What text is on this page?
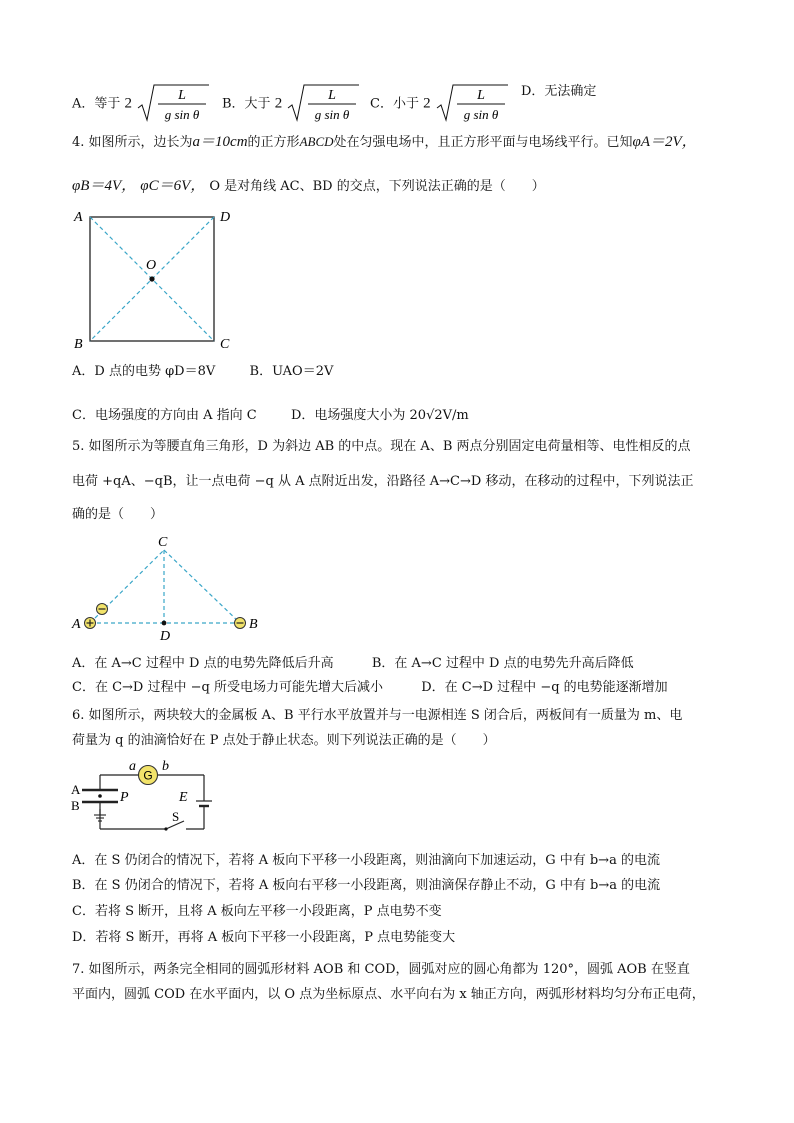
A．等于 2	L
g sin θ
B．大于 2	L
g sin θ
C．小于 2	L
g sin θ
D．无法确定
4. 如图所示，边长为a＝10cm的正方形ABCD处在匀强电场中，且正方形平面与电场线平行。已知φA＝2V，
φB＝4V， φC＝6V， O 是对角线 AC、BD 的交点，下列说法正确的是（　　）
A	D
B	C
O
A．D 点的电势 φD＝8V	B．UAO＝2V
C．电场强度的方向由 A 指向 C	D．电场强度大小为 20√2V/m
5. 如图所示为等腰直角三角形，D 为斜边 AB 的中点。现在 A、B 两点分别固定电荷量相等、电性相反的点
电荷 +qA、−qB，让一点电荷 −q 从 A 点附近出发，沿路径 A→C→D 移动，在移动的过程中，下列说法正
确的是（　　）
A	B
C
D
A．在 A→C 过程中 D 点的电势先降低后升高	B．在 A→C 过程中 D 点的电势先升高后降低
C．在 C→D 过程中 −q 所受电场力可能先增大后减小	D．在 C→D 过程中 −q 的电势能逐渐增加
6. 如图所示，两块较大的金属板 A、B 平行水平放置并与一电源相连 S 闭合后，两板间有一质量为 m、电
荷量为 q 的油滴恰好在 P 点处于静止状态。则下列说法正确的是（　　）
G
a b
A
B
P	E
S
A．在 S 仍闭合的情况下，若将 A 板向下平移一小段距离，则油滴向下加速运动，G 中有 b→a 的电流
B．在 S 仍闭合的情况下，若将 A 板向右平移一小段距离，则油滴保存静止不动，G 中有 b→a 的电流
C．若将 S 断开，且将 A 板向左平移一小段距离，P 点电势不变
D．若将 S 断开，再将 A 板向下平移一小段距离，P 点电势能变大
7. 如图所示，两条完全相同的圆弧形材料 AOB 和 COD，圆弧对应的圆心角都为 120°，圆弧 AOB 在竖直
平面内，圆弧 COD 在水平面内，以 O 点为坐标原点、水平向右为 x 轴正方向，两弧形材料均匀分布正电荷，
